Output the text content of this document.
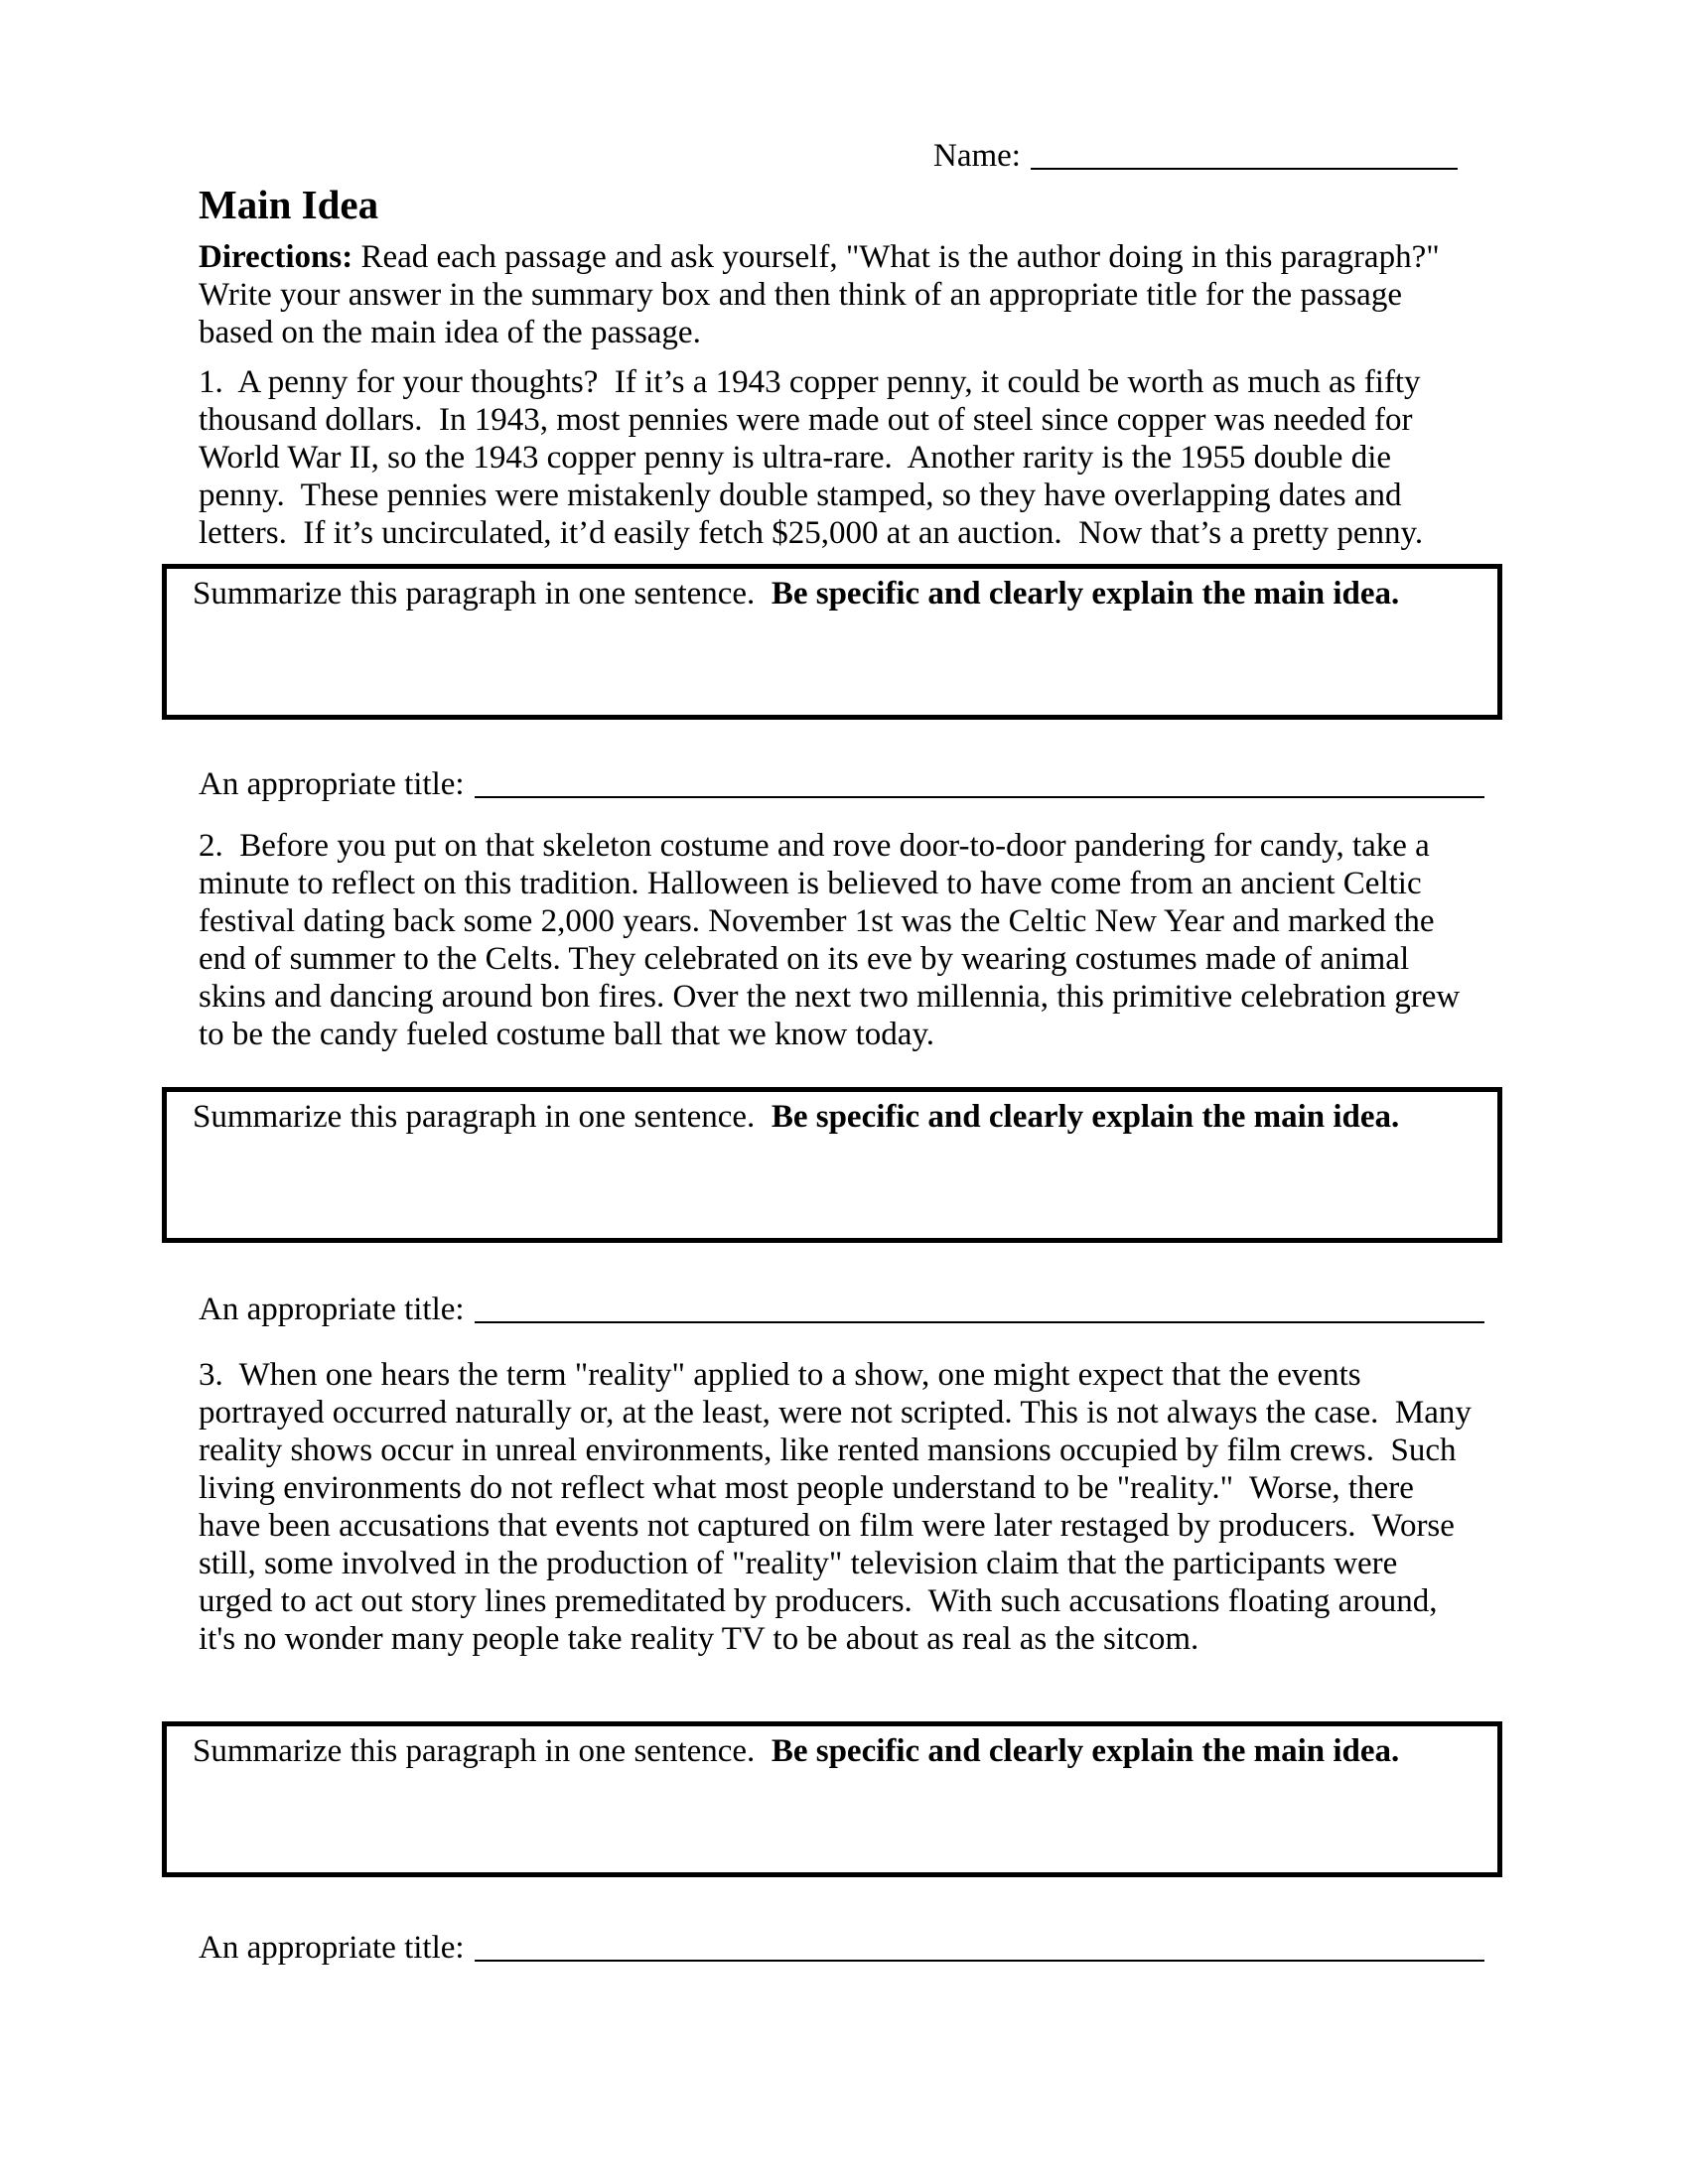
Name:
Main Idea

Directions: Read each passage and ask yourself, "What is the author doing in this paragraph?" Write your answer in the summary box and then think of an appropriate title for the passage based on the main idea of the passage.

1.  A penny for your thoughts?  If it’s a 1943 copper penny, it could be worth as much as fifty thousand dollars.  In 1943, most pennies were made out of steel since copper was needed for World War II, so the 1943 copper penny is ultra-rare.  Another rarity is the 1955 double die penny.  These pennies were mistakenly double stamped, so they have overlapping dates and letters.  If it’s uncirculated, it’d easily fetch $25,000 at an auction.  Now that’s a pretty penny.

Summarize this paragraph in one sentence.  Be specific and clearly explain the main idea.
An appropriate title:

2.  Before you put on that skeleton costume and rove door-to-door pandering for candy, take a minute to reflect on this tradition. Halloween is believed to have come from an ancient Celtic festival dating back some 2,000 years. November 1st was the Celtic New Year and marked the end of summer to the Celts. They celebrated on its eve by wearing costumes made of animal skins and dancing around bon fires. Over the next two millennia, this primitive celebration grew to be the candy fueled costume ball that we know today.

Summarize this paragraph in one sentence.  Be specific and clearly explain the main idea.
An appropriate title:

3.  When one hears the term "reality" applied to a show, one might expect that the events portrayed occurred naturally or, at the least, were not scripted. This is not always the case.  Many reality shows occur in unreal environments, like rented mansions occupied by film crews.  Such living environments do not reflect what most people understand to be "reality."  Worse, there have been accusations that events not captured on film were later restaged by producers.  Worse still, some involved in the production of "reality" television claim that the participants were urged to act out story lines premeditated by producers.  With such accusations floating around, it's no wonder many people take reality TV to be about as real as the sitcom.

Summarize this paragraph in one sentence.  Be specific and clearly explain the main idea.
An appropriate title:
